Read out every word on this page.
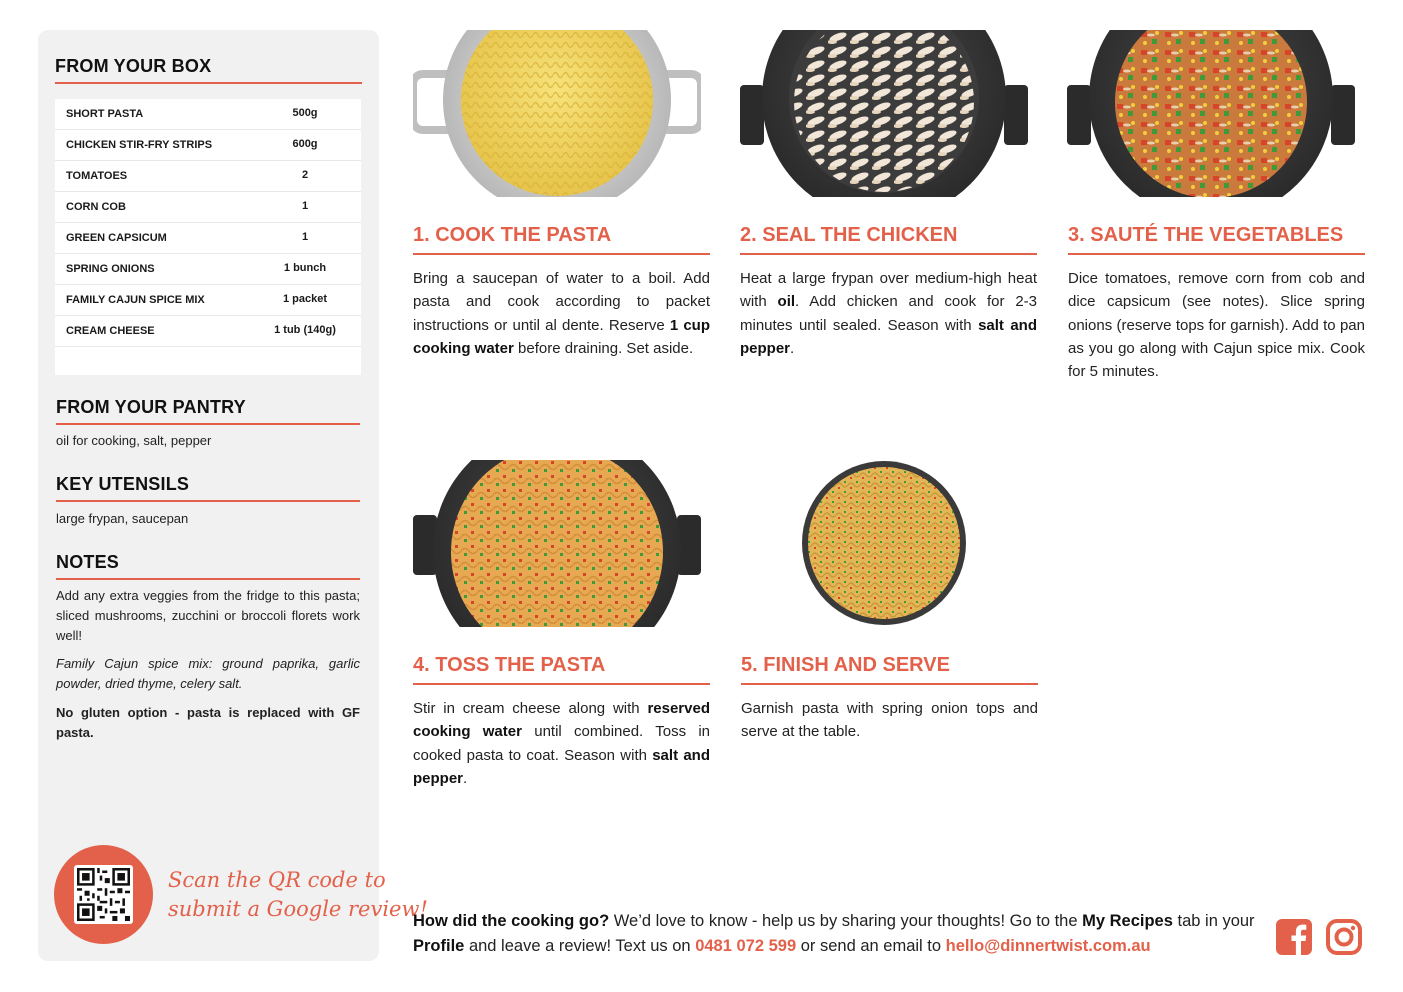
FROM YOUR BOX
SHORT PASTA	500g
CHICKEN STIR-FRY STRIPS	600g
TOMATOES	2
CORN COB	1
GREEN CAPSICUM	1
SPRING ONIONS	1 bunch
FAMILY CAJUN SPICE MIX	1 packet
CREAM CHEESE	1 tub (140g)
FROM YOUR PANTRY
oil for cooking, salt, pepper
KEY UTENSILS
large frypan, saucepan
NOTES
Add any extra veggies from the fridge to this pasta; sliced mushrooms, zucchini or broccoli florets work well!
Family Cajun spice mix: ground paprika, garlic powder, dried thyme, celery salt.
No gluten option - pasta is replaced with GF pasta.
Scan the QR code to
submit a Google review!
1. COOK THE PASTA
Bring a saucepan of water to a boil. Add pasta and cook according to packet instructions or until al dente. Reserve 1 cup cooking water before draining. Set aside.
2. SEAL THE CHICKEN
Heat a large frypan over medium-high heat with oil. Add chicken and cook for 2-3 minutes until sealed. Season with salt and pepper.
3. SAUTÉ THE VEGETABLES
Dice tomatoes, remove corn from cob and dice capsicum (see notes). Slice spring onions (reserve tops for garnish). Add to pan as you go along with Cajun spice mix. Cook for 5 minutes.
4. TOSS THE PASTA
Stir in cream cheese along with reserved cooking water until combined. Toss in cooked pasta to coat. Season with salt and pepper.
5. FINISH AND SERVE
Garnish pasta with spring onion tops and serve at the table.
How did the cooking go? We’d love to know - help us by sharing your thoughts! Go to the My Recipes tab in your Profile and leave a review! Text us on 0481 072 599 or send an email to hello@dinnertwist.com.au
